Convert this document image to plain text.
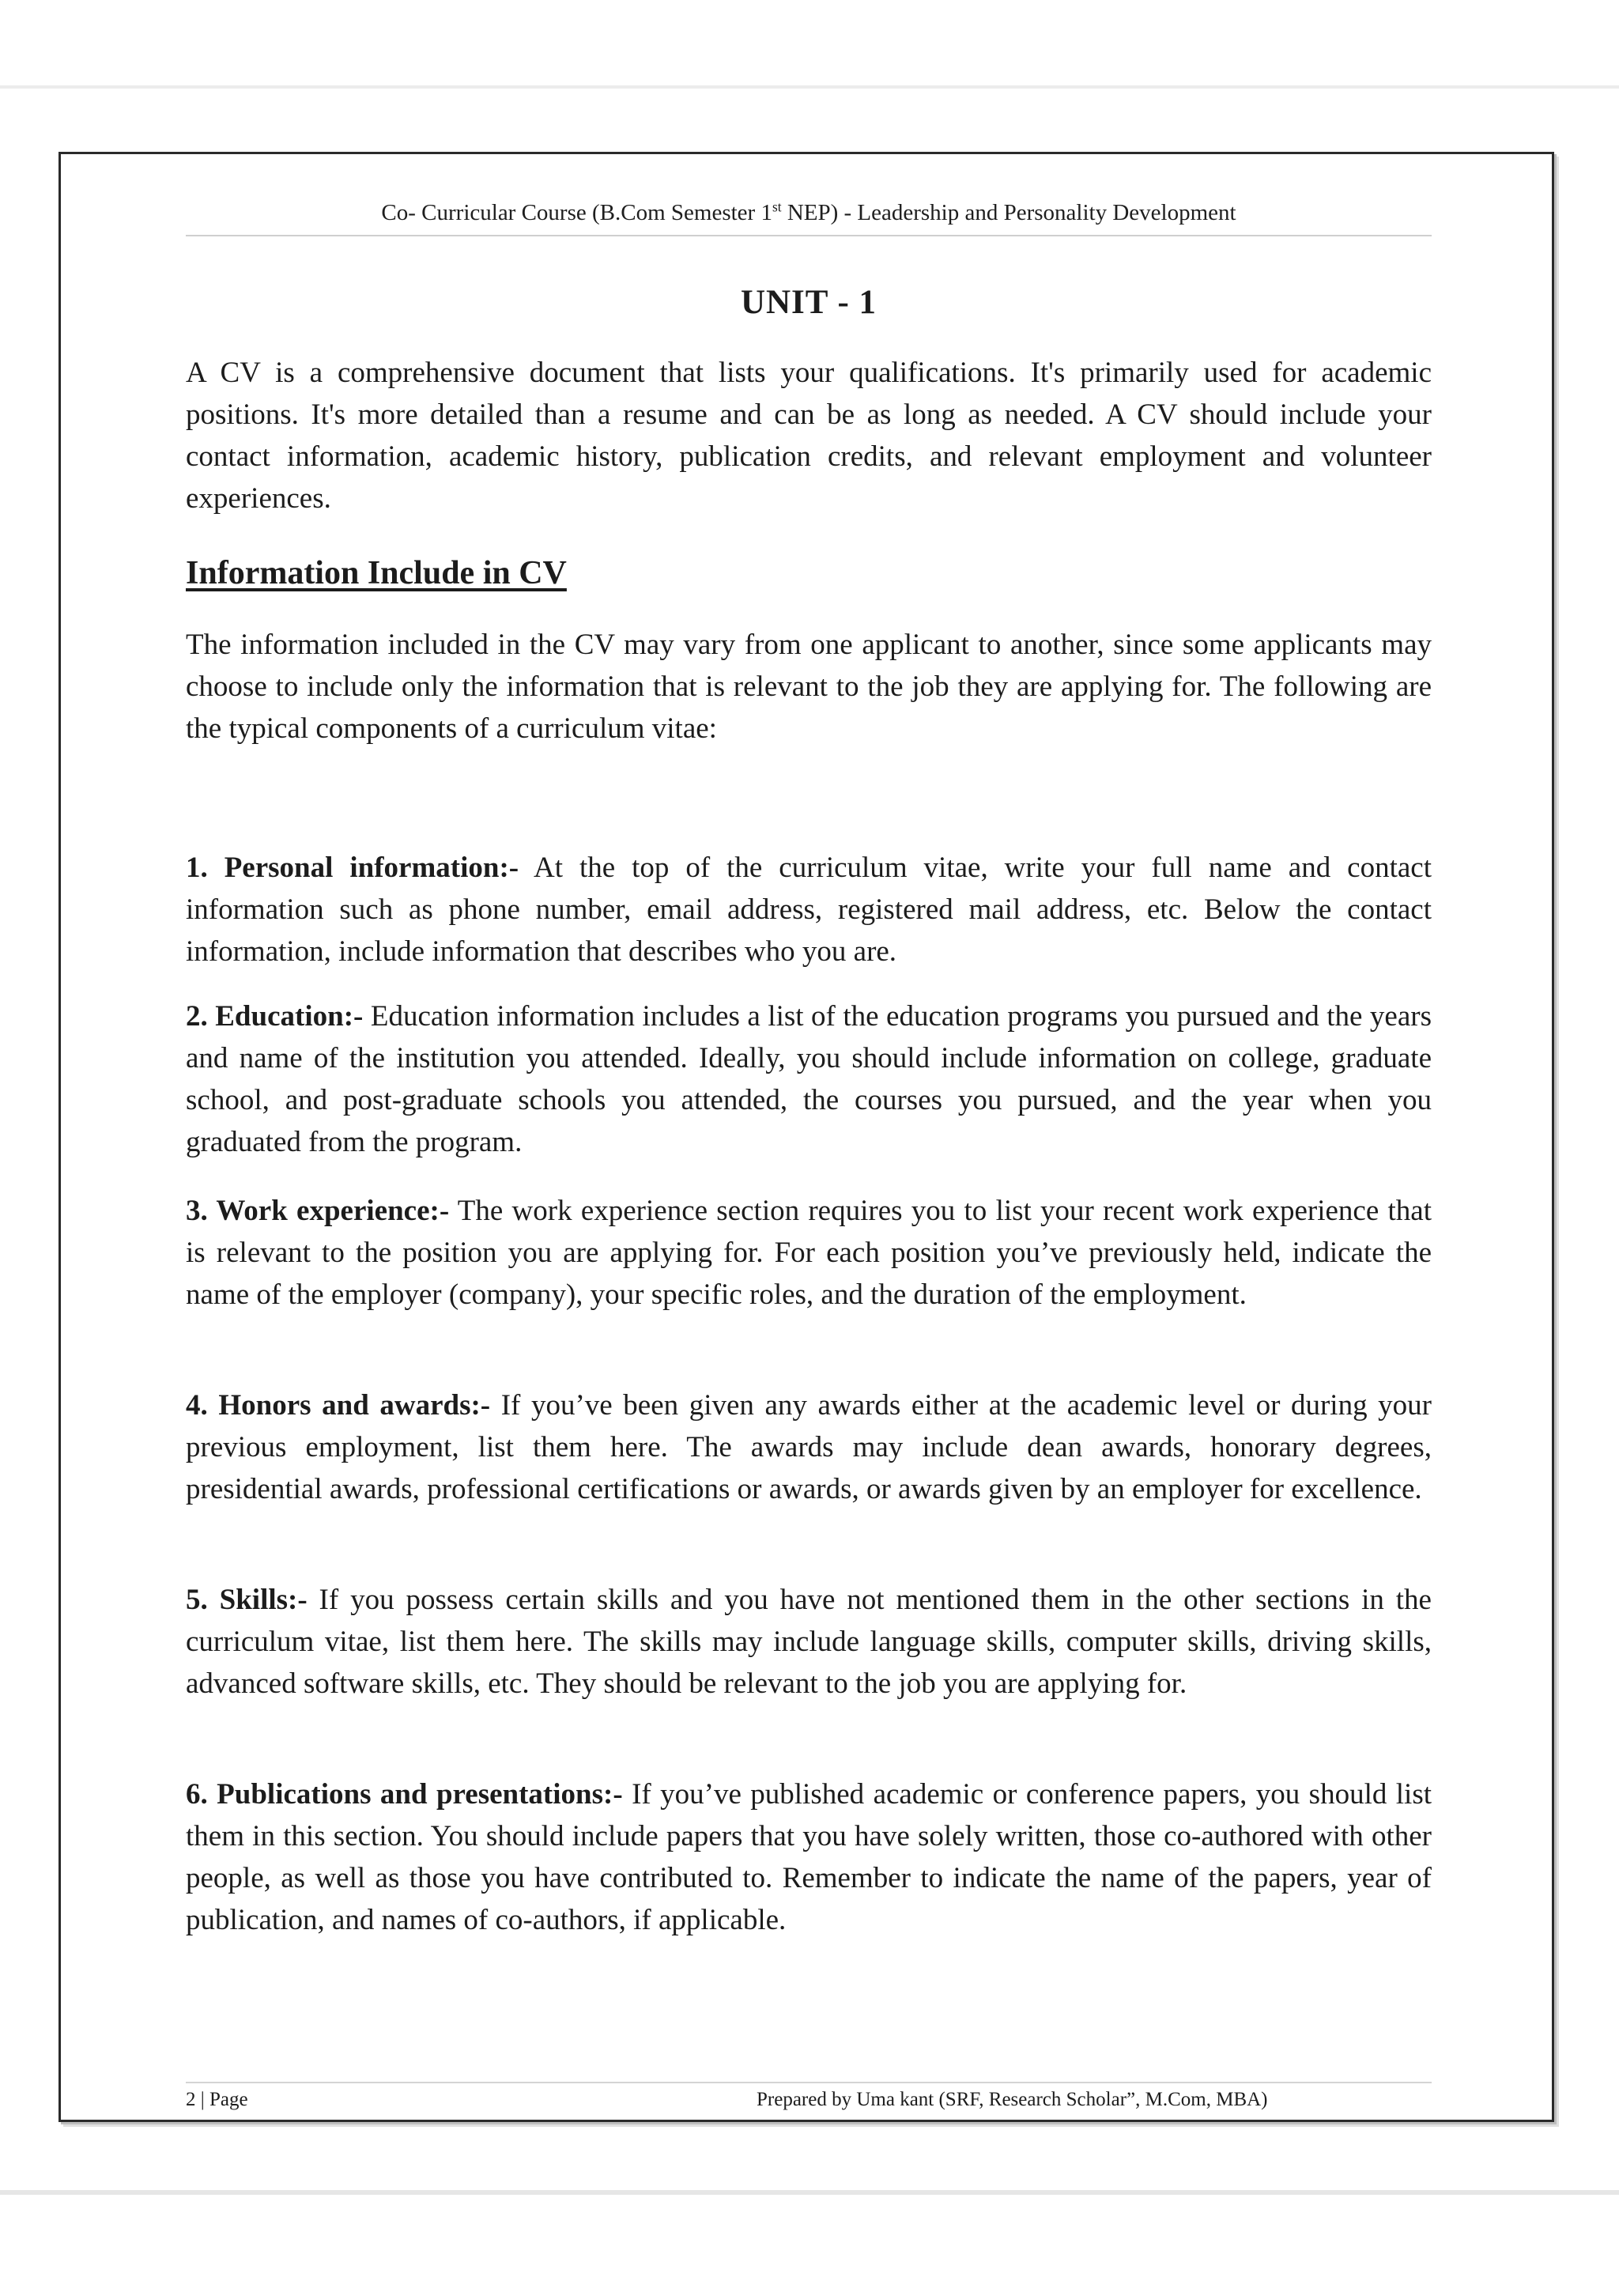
Co- Curricular Course (B.Com Semester 1st NEP) - Leadership and Personality Development
UNIT - 1
A CV is a comprehensive document that lists your qualifications. It's primarily used for academic positions. It's more detailed than a resume and can be as long as needed. A CV should include your contact information, academic history, publication credits, and relevant employment and volunteer experiences.
Information Include in CV
The information included in the CV may vary from one applicant to another, since some applicants may choose to include only the information that is relevant to the job they are applying for. The following are the typical components of a curriculum vitae:

1. Personal information:- At the top of the curriculum vitae, write your full name and contact information such as phone number, email address, registered mail address, etc. Below the contact information, include information that describes who you are.

2. Education:- Education information includes a list of the education programs you pursued and the years and name of the institution you attended. Ideally, you should include information on college, graduate school, and post-graduate schools you attended, the courses you pursued, and the year when you graduated from the program.

3. Work experience:- The work experience section requires you to list your recent work experience that is relevant to the position you are applying for. For each position you’ve previously held, indicate the name of the employer (company), your specific roles, and the duration of the employment.

4. Honors and awards:- If you’ve been given any awards either at the academic level or during your previous employment, list them here. The awards may include dean awards, honorary degrees, presidential awards, professional certifications or awards, or awards given by an employer for excellence.

5. Skills:- If you possess certain skills and you have not mentioned them in the other sections in the curriculum vitae, list them here. The skills may include language skills, computer skills, driving skills, advanced software skills, etc. They should be relevant to the job you are applying for.

6. Publications and presentations:- If you’ve published academic or conference papers, you should list them in this section. You should include papers that you have solely written, those co-authored with other people, as well as those you have contributed to. Remember to indicate the name of the papers, year of publication, and names of co-authors, if applicable.

2 | Page	Prepared by Uma kant (SRF, Research Scholar”, M.Com, MBA)
